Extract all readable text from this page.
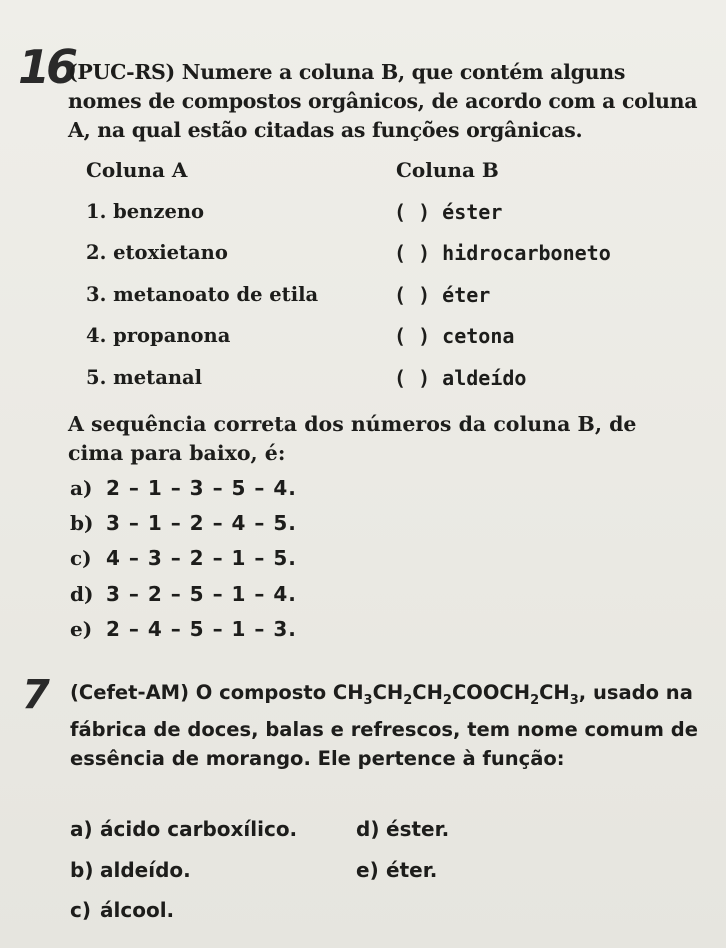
16
(PUC-RS) Numere a coluna B, que contém alguns nomes de compostos orgânicos, de acordo com a coluna A, na qual estão citadas as funções orgânicas.
Coluna A	Coluna B
1. benzeno
2. etoxietano
3. metanoato de etila
4. propanona
5. metanal
( ) éster
( ) hidrocarboneto
( ) éter
( ) cetona
( ) aldeído
A sequência correta dos números da coluna B, de cima para baixo, é:
a) 2 – 1 – 3 – 5 – 4.
b) 3 – 1 – 2 – 4 – 5.
c) 4 – 3 – 2 – 1 – 5.
d) 3 – 2 – 5 – 1 – 4.
e) 2 – 4 – 5 – 1 – 3.
7 (Cefet-AM) O composto $CH_3CH_2CH_2COOCH_2CH_3$, usado na fábrica de doces, balas e refrescos, tem nome comum de essência de morango. Ele pertence à função:
a) ácido carboxílico.
b) aldeído.
c) álcool.
d) éster.
e) éter.
